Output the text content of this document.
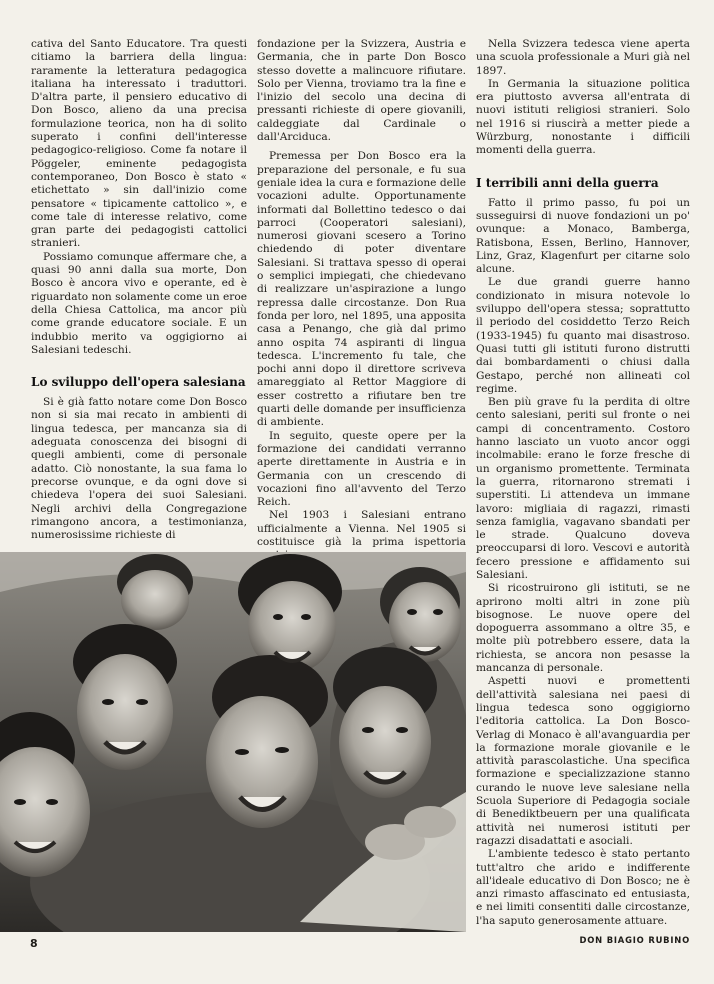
cativa del Santo Educatore. Tra questi citiamo la barriera della lingua: raramente la letteratura pedagogica italiana ha interessato i traduttori. D'altra parte, il pensiero educativo di Don Bosco, alieno da una precisa formulazione teorica, non ha di solito superato i confini dell'interesse pedagogico-religioso. Come fa notare il Pöggeler, eminente pedagogista contemporaneo, Don Bosco è stato « etichettato » sin dall'inizio come pensatore « tipicamente cattolico », e come tale di interesse relativo, come gran parte dei pedagogisti cattolici stranieri.

Possiamo comunque affermare che, a quasi 90 anni dalla sua morte, Don Bosco è ancora vivo e operante, ed è riguardato non solamente come un eroe della Chiesa Cattolica, ma ancor più come grande educatore sociale. E un indubbio merito va oggigiorno ai Salesiani tedeschi.

Lo sviluppo dell'opera salesiana

Si è già fatto notare come Don Bosco non si sia mai recato in ambienti di lingua tedesca, per mancanza sia di adeguata conoscenza dei bisogni di quegli ambienti, come di personale adatto. Ciò nonostante, la sua fama lo precorse ovunque, e da ogni dove si chiedeva l'opera dei suoi Salesiani. Negli archivi della Congregazione rimangono ancora, a testimonianza, numerosissime richieste di

fondazione per la Svizzera, Austria e Germania, che in parte Don Bosco stesso dovette a malincuore rifiutare. Solo per Vienna, troviamo tra la fine e l'inizio del secolo una decina di pressanti richieste di opere giovanili, caldeggiate dal Cardinale o dall'Arciduca.

Premessa per Don Bosco era la preparazione del personale, e fu sua geniale idea la cura e formazione delle vocazioni adulte. Opportunamente informati dal Bollettino tedesco o dai parroci (Cooperatori salesiani), numerosi giovani scesero a Torino chiedendo di poter diventare Salesiani. Si trattava spesso di operai o semplici impiegati, che chiedevano di realizzare un'aspirazione a lungo repressa dalle circostanze. Don Rua fonda per loro, nel 1895, una apposita casa a Penango, che già dal primo anno ospita 74 aspiranti di lingua tedesca. L'incremento fu tale, che pochi anni dopo il direttore scriveva amareggiato al Rettor Maggiore di esser costretto a rifiutare ben tre quarti delle domande per insufficienza di ambiente.

In seguito, queste opere per la formazione dei candidati verranno aperte direttamente in Austria e in Germania con un crescendo di vocazioni fino all'avvento del Terzo Reich.

Nel 1903 i Salesiani entrano ufficialmente a Vienna. Nel 1905 si costituisce già la prima ispettoria

Nella Svizzera tedesca viene aperta una scuola professionale a Muri già nel 1897.

In Germania la situazione politica era piuttosto avversa all'entrata di nuovi istituti religiosi stranieri. Solo nel 1916 si riuscirà a metter piede a Würzburg, nonostante i difficili momenti della guerra.

I terribili anni della guerra

Fatto il primo passo, fu poi un susseguirsi di nuove fondazioni un po' ovunque: a Monaco, Bamberga, Ratisbona, Essen, Berlino, Hannover, Linz, Graz, Klagenfurt per citarne solo alcune.

Le due grandi guerre hanno condizionato in misura notevole lo sviluppo dell'opera stessa; soprattutto il periodo del cosiddetto Terzo Reich (1933-1945) fu quanto mai disastroso. Quasi tutti gli istituti furono distrutti dai bombardamenti o chiusi dalla Gestapo, perché non allineati col regime.

Ben più grave fu la perdita di oltre cento salesiani, periti sul fronte o nei campi di concentramento. Costoro hanno lasciato un vuoto ancor oggi incolmabile: erano le forze fresche di un organismo promettente. Terminata la guerra, ritornarono stremati i superstiti. Li attendeva un immane lavoro: migliaia di ragazzi, rimasti senza famiglia, vagavano sbandati per le strade. Qualcuno doveva preoccuparsi di loro. Vescovi e autorità fecero pressione e affidamento sui Salesiani.

Si ricostruirono gli istituti, se ne aprirono molti altri in zone più bisognose. Le nuove opere del dopoguerra assommano a oltre 35, e molte più potrebbero essere, data la richiesta, se ancora non pesasse la mancanza di personale.

Aspetti nuovi e promettenti dell'attività salesiana nei paesi di lingua tedesca sono oggigiorno l'editoria cattolica. La Don Bosco-Verlag di Monaco è all'avanguardia per la formazione morale giovanile e le attività parascolastiche. Una specifica formazione e specializzazione stanno curando le nuove leve salesiane nella Scuola Superiore di Pedagogia sociale di Benediktbeuern per una qualificata attività nei numerosi istituti per ragazzi disadattati e asociali.

L'ambiente tedesco è stato pertanto tutt'altro che arido e indifferente all'ideale educativo di Don Bosco; ne è anzi rimasto affascinato ed entusiasta, e nei limiti consentiti dalle circostanze, l'ha saputo generosamente attuare.

DON BIAGIO RUBINO
8
